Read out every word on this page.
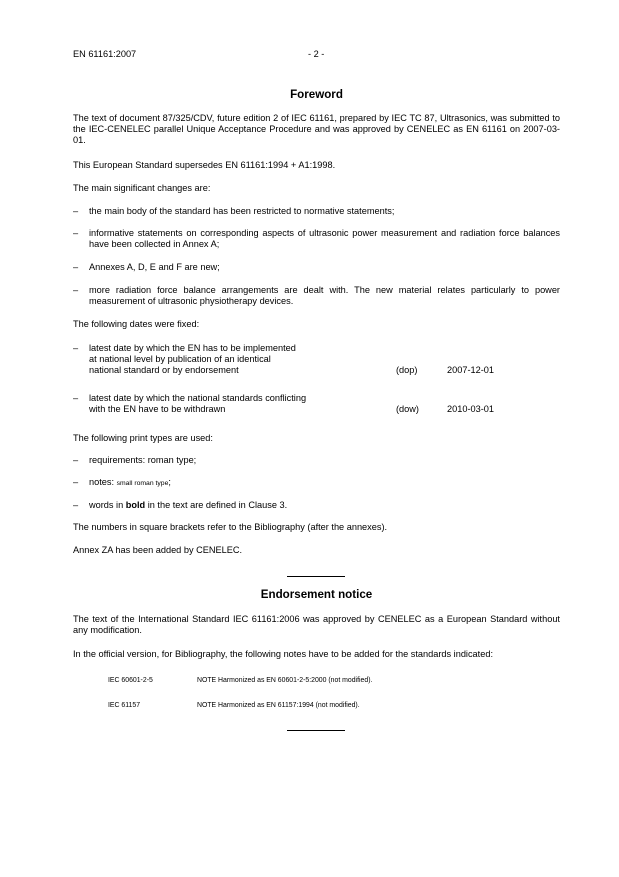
EN 61161:2007	- 2 -
Foreword
The text of document 87/325/CDV, future edition 2 of IEC 61161, prepared by IEC TC 87, Ultrasonics, was submitted to the IEC-CENELEC parallel Unique Acceptance Procedure and was approved by CENELEC as EN 61161 on 2007-03-01.
This European Standard supersedes EN 61161:1994 + A1:1998.
The main significant changes are:
– the main body of the standard has been restricted to normative statements;
– informative statements on corresponding aspects of ultrasonic power measurement and radiation force balances have been collected in Annex A;
– Annexes A, D, E and F are new;
– more radiation force balance arrangements are dealt with. The new material relates particularly to power measurement of ultrasonic physiotherapy devices.
The following dates were fixed:
– latest date by which the EN has to be implemented
at national level by publication of an identical
national standard or by endorsement	(dop)	2007-12-01
– latest date by which the national standards conflicting
with the EN have to be withdrawn	(dow)	2010-03-01
The following print types are used:
– requirements: roman type;
– notes: small roman type;
– words in bold in the text are defined in Clause 3.
The numbers in square brackets refer to the Bibliography (after the annexes).
Annex ZA has been added by CENELEC.
Endorsement notice
The text of the International Standard IEC 61161:2006 was approved by CENELEC as a European Standard without any modification.
In the official version, for Bibliography, the following notes have to be added for the standards indicated:
IEC 60601-2-5	NOTE Harmonized as EN 60601-2-5:2000 (not modified).
IEC 61157	NOTE Harmonized as EN 61157:1994 (not modified).
